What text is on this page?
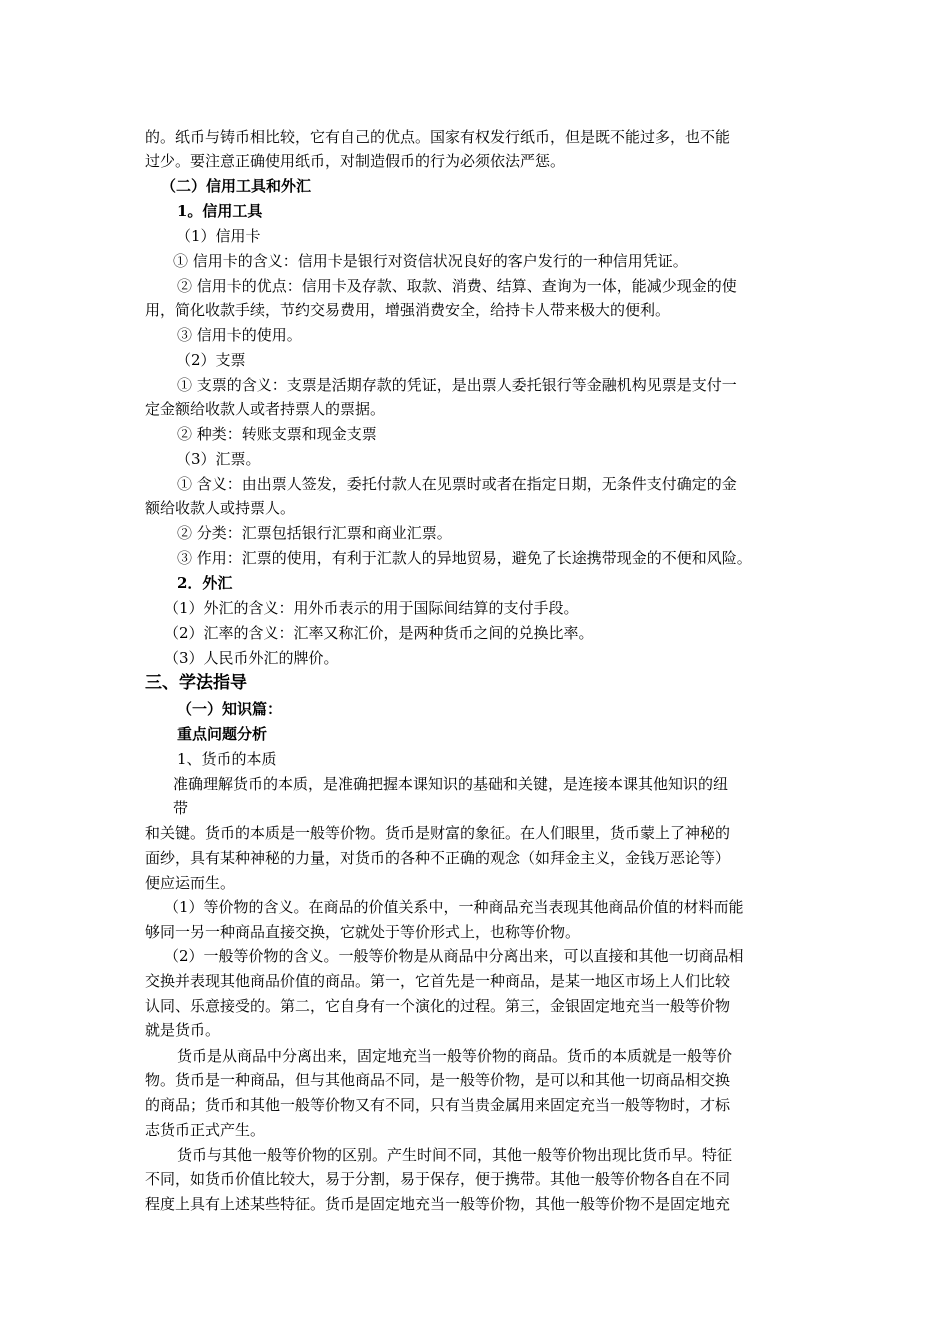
的。纸币与铸币相比较，它有自己的优点。国家有权发行纸币，但是既不能过多，也不能
过少。要注意正确使用纸币，对制造假币的行为必须依法严惩。
（二）信用工具和外汇
1。信用工具
（1）信用卡
① 信用卡的含义：信用卡是银行对资信状况良好的客户发行的一种信用凭证。
② 信用卡的优点：信用卡及存款、取款、消费、结算、查询为一体，能减少现金的使
用，简化收款手续，节约交易费用，增强消费安全，给持卡人带来极大的便利。
③ 信用卡的使用。
（2）支票
① 支票的含义：支票是活期存款的凭证，是出票人委托银行等金融机构见票是支付一
定金额给收款人或者持票人的票据。
② 种类：转账支票和现金支票
（3）汇票。
① 含义：由出票人签发，委托付款人在见票时或者在指定日期，无条件支付确定的金
额给收款人或持票人。
② 分类：汇票包括银行汇票和商业汇票。
③ 作用：汇票的使用，有利于汇款人的异地贸易，避免了长途携带现金的不便和风险。
2．外汇
（1）外汇的含义：用外币表示的用于国际间结算的支付手段。
（2）汇率的含义：汇率又称汇价，是两种货币之间的兑换比率。
（3）人民币外汇的牌价。
三、学法指导
（一）知识篇：
重点问题分析
1、货币的本质
准确理解货币的本质，是准确把握本课知识的基础和关键，是连接本课其他知识的纽
带
和关键。货币的本质是一般等价物。货币是财富的象征。在人们眼里，货币蒙上了神秘的
面纱，具有某种神秘的力量，对货币的各种不正确的观念（如拜金主义，金钱万恶论等）
便应运而生。
（1）等价物的含义。在商品的价值关系中，一种商品充当表现其他商品价值的材料而能
够同一另一种商品直接交换，它就处于等价形式上，也称等价物。
（2）一般等价物的含义。一般等价物是从商品中分离出来，可以直接和其他一切商品相
交换并表现其他商品价值的商品。第一，它首先是一种商品，是某一地区市场上人们比较
认同、乐意接受的。第二，它自身有一个演化的过程。第三，金银固定地充当一般等价物
就是货币。
货币是从商品中分离出来，固定地充当一般等价物的商品。货币的本质就是一般等价
物。货币是一种商品，但与其他商品不同，是一般等价物，是可以和其他一切商品相交换
的商品；货币和其他一般等价物又有不同，只有当贵金属用来固定充当一般等物时，才标
志货币正式产生。
货币与其他一般等价物的区别。产生时间不同，其他一般等价物出现比货币早。特征
不同，如货币价值比较大，易于分割，易于保存，便于携带。其他一般等价物各自在不同
程度上具有上述某些特征。货币是固定地充当一般等价物，其他一般等价物不是固定地充
